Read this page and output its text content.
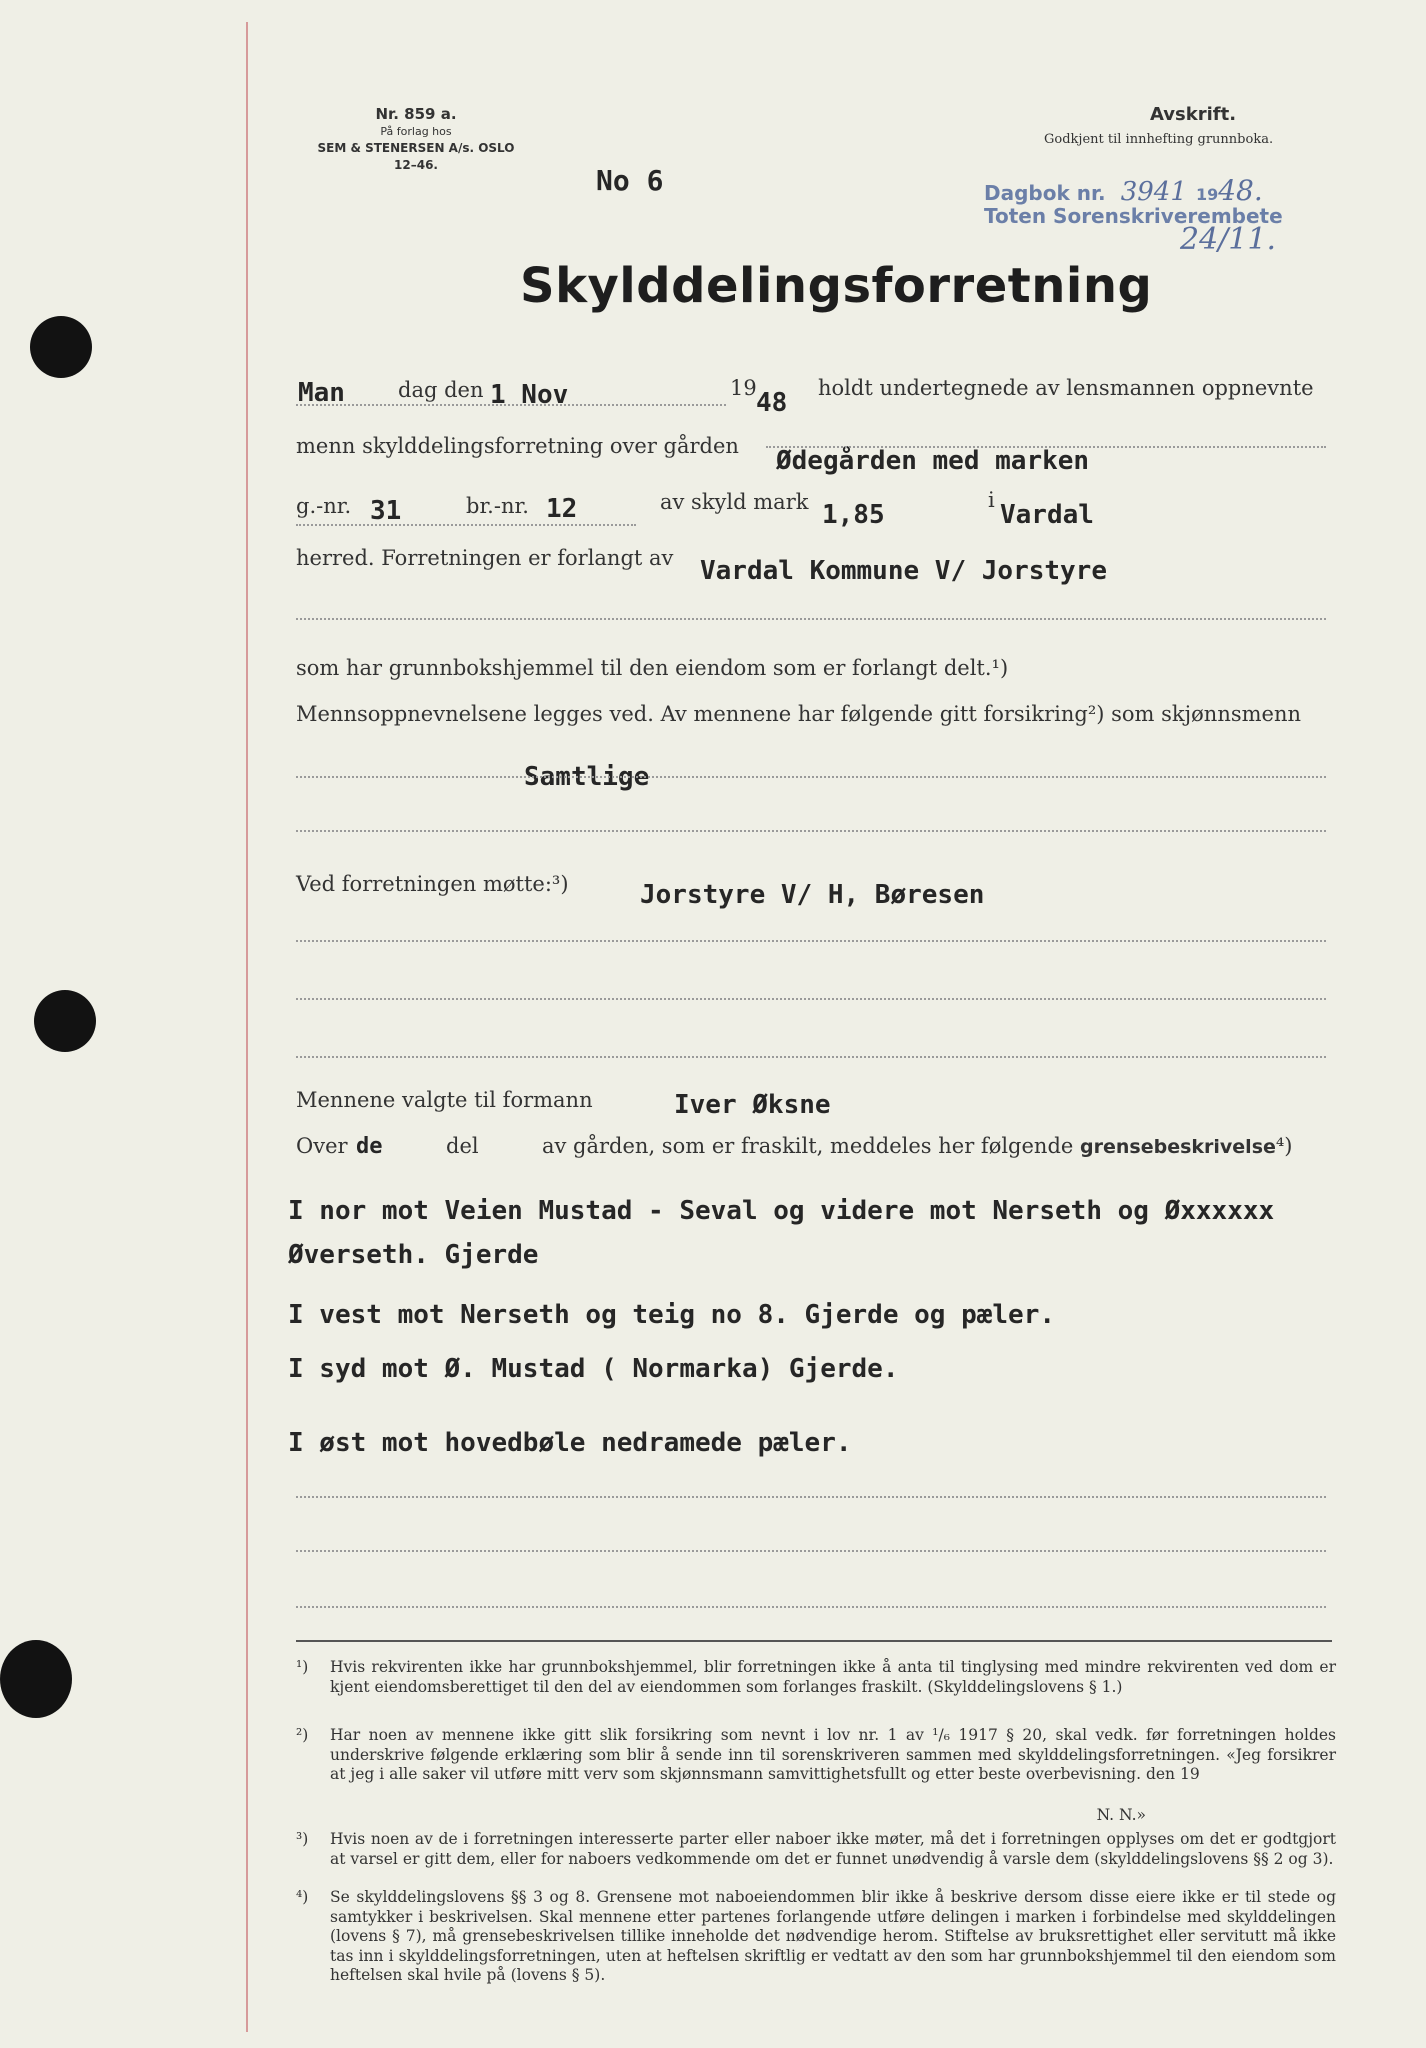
Nr. 859 a.
På forlag hos
SEM & STENERSEN A/s. OSLO
12–46.
Avskrift.
Godkjent til innhefting grunnboka.
Dagbok nr. 3941 1948.
Toten Sorenskriverembete
24/11.
No 6
Skylddelingsforretning
Man	dag den 1 Nov	19 48 holdt undertegnede av lensmannen oppnevnte
menn skylddelingsforretning over gården Ødegården med marken
g.-nr. 31	br.-nr. 12	av skyld mark 1,85	i Vardal
herred. Forretningen er forlangt av Vardal Kommune V/ Jorstyre
som har grunnbokshjemmel til den eiendom som er forlangt delt.¹)
Mennsoppnevnelsene legges ved. Av mennene har følgende gitt forsikring²) som skjønnsmenn
Samtlige
Ved forretningen møtte:³)	Jorstyre V/ H, Børesen
Mennene valgte til formann	Iver Øksne
Over de	del	av gården, som er fraskilt, meddeles her følgende grensebeskrivelse⁴)
I nor mot Veien Mustad - Seval og videre mot Nerseth og Øxxxxxx
Øverseth. Gjerde
I vest mot Nerseth og teig no 8. Gjerde og pæler.
I syd mot Ø. Mustad ( Normarka) Gjerde.
I øst mot hovedbøle nedramede pæler.
¹) Hvis rekvirenten ikke har grunnbokshjemmel, blir forretningen ikke å anta til tinglysing med mindre rekvirenten ved dom er kjent eiendomsberettiget til den del av eiendommen som forlanges fraskilt. (Skylddelingslovens § 1.)
²) Har noen av mennene ikke gitt slik forsikring som nevnt i lov nr. 1 av ¹/₆ 1917 § 20, skal vedk. før forretningen holdes underskrive følgende erklæring som blir å sende inn til sorenskriveren sammen med skylddelingsforretningen. «Jeg forsikrer at jeg i alle saker vil utføre mitt verv som skjønnsmann samvittighetsfullt og etter beste overbevisning. den 19
N. N.»
³) Hvis noen av de i forretningen interesserte parter eller naboer ikke møter, må det i forretningen opplyses om det er godtgjort at varsel er gitt dem, eller for naboers vedkommende om det er funnet unødvendig å varsle dem (skylddelingslovens §§ 2 og 3).
⁴) Se skylddelingslovens §§ 3 og 8. Grensene mot naboeiendommen blir ikke å beskrive dersom disse eiere ikke er til stede og samtykker i beskrivelsen. Skal mennene etter partenes forlangende utføre delingen i marken i forbindelse med skylddelingen (lovens § 7), må grensebeskrivelsen tillike inneholde det nødvendige herom. Stiftelse av bruksrettighet eller servitutt må ikke tas inn i skylddelingsforretningen, uten at heftelsen skriftlig er vedtatt av den som har grunnbokshjemmel til den eiendom som heftelsen skal hvile på (lovens § 5).
